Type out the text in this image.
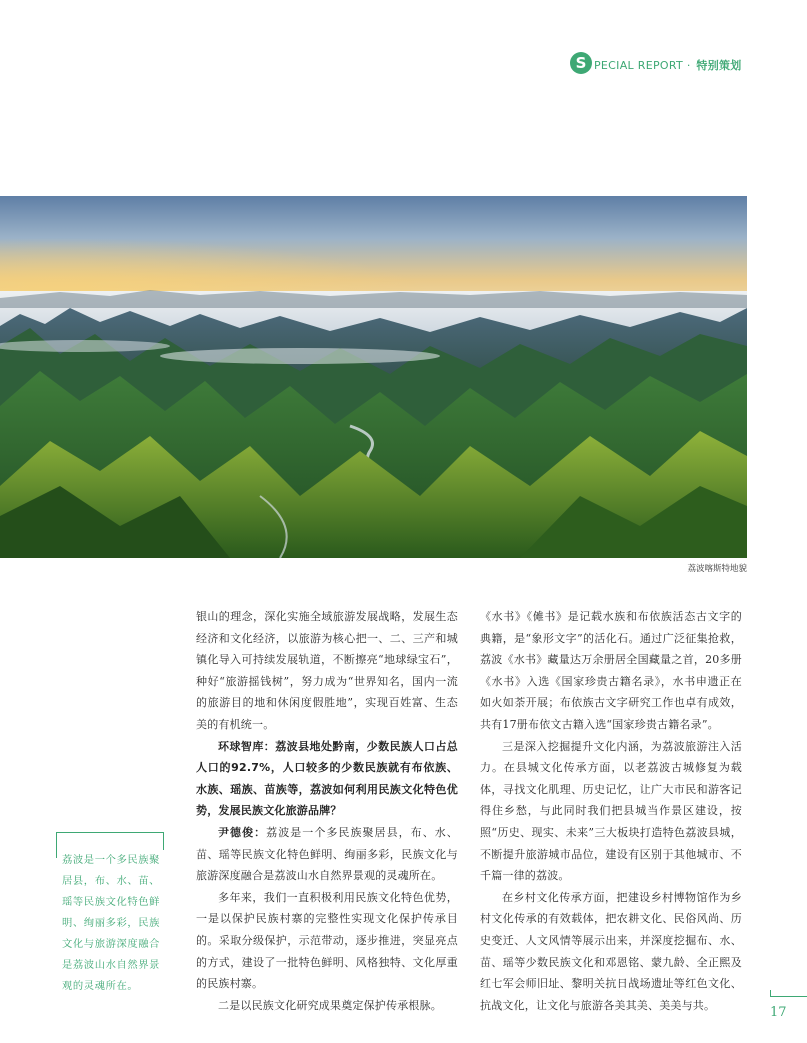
S PECIAL REPORT · 特别策划
荔波喀斯特地貌
荔波是一个多民族聚居县，布、水、苗、瑶等民族文化特色鲜明、绚丽多彩，民族文化与旅游深度融合是荔波山水自然界景观的灵魂所在。

银山的理念，深化实施全域旅游发展战略，发展生态经济和文化经济，以旅游为核心把一、二、三产和城镇化导入可持续发展轨道，不断擦亮“地球绿宝石”，种好“旅游摇钱树”，努力成为“世界知名，国内一流的旅游目的地和休闲度假胜地”，实现百姓富、生态美的有机统一。

环球智库：荔波县地处黔南，少数民族人口占总人口的92.7%，人口较多的少数民族就有布依族、水族、瑶族、苗族等，荔波如何利用民族文化特色优势，发展民族文化旅游品牌？

尹德俊：荔波是一个多民族聚居县，布、水、苗、瑶等民族文化特色鲜明、绚丽多彩，民族文化与旅游深度融合是荔波山水自然界景观的灵魂所在。

多年来，我们一直积极利用民族文化特色优势，一是以保护民族村寨的完整性实现文化保护传承目的。采取分级保护，示范带动，逐步推进，突显亮点的方式，建设了一批特色鲜明、风格独特、文化厚重的民族村寨。

二是以民族文化研究成果奠定保护传承根脉。

《水书》《傩书》是记载水族和布依族活态古文字的典籍，是“象形文字”的活化石。通过广泛征集抢救，荔波《水书》藏量达万余册居全国藏量之首，20多册《水书》入选《国家珍贵古籍名录》，水书申遗正在如火如荼开展；布依族古文字研究工作也卓有成效，共有17册布依文古籍入选“国家珍贵古籍名录”。

三是深入挖掘提升文化内涵，为荔波旅游注入活力。在县城文化传承方面，以老荔波古城修复为载体，寻找文化肌理、历史记忆，让广大市民和游客记得住乡愁，与此同时我们把县城当作景区建设，按照“历史、现实、未来”三大板块打造特色荔波县城，不断提升旅游城市品位，建设有区别于其他城市、不千篇一律的荔波。

在乡村文化传承方面，把建设乡村博物馆作为乡村文化传承的有效载体，把农耕文化、民俗风尚、历史变迁、人文风情等展示出来，并深度挖掘布、水、苗、瑶等少数民族文化和邓恩铭、蒙九龄、全正熙及红七军会师旧址、黎明关抗日战场遗址等红色文化、抗战文化，让文化与旅游各美其美、美美与共。	17
